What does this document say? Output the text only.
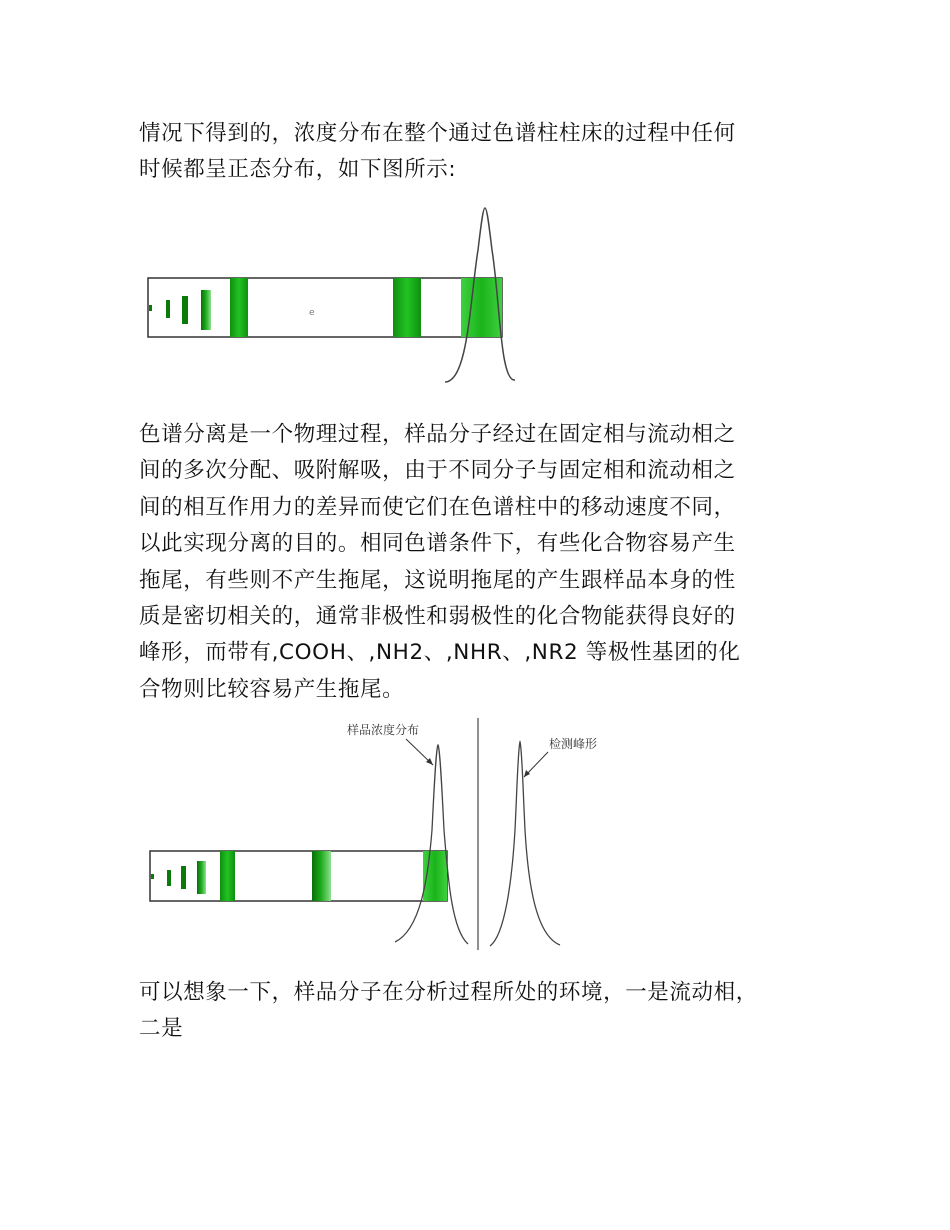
e
样品浓度分布
检测峰形
情况下得到的，浓度分布在整个通过色谱柱柱床的过程中任何
时候都呈正态分布，如下图所示:
色谱分离是一个物理过程，样品分子经过在固定相与流动相之
间的多次分配、吸附解吸，由于不同分子与固定相和流动相之
间的相互作用力的差异而使它们在色谱柱中的移动速度不同，
以此实现分离的目的。相同色谱条件下，有些化合物容易产生
拖尾，有些则不产生拖尾，这说明拖尾的产生跟样品本身的性
质是密切相关的，通常非极性和弱极性的化合物能获得良好的
峰形，而带有,COOH、,NH2、,NHR、,NR2 等极性基团的化
合物则比较容易产生拖尾。
可以想象一下，样品分子在分析过程所处的环境，一是流动相，
二是
